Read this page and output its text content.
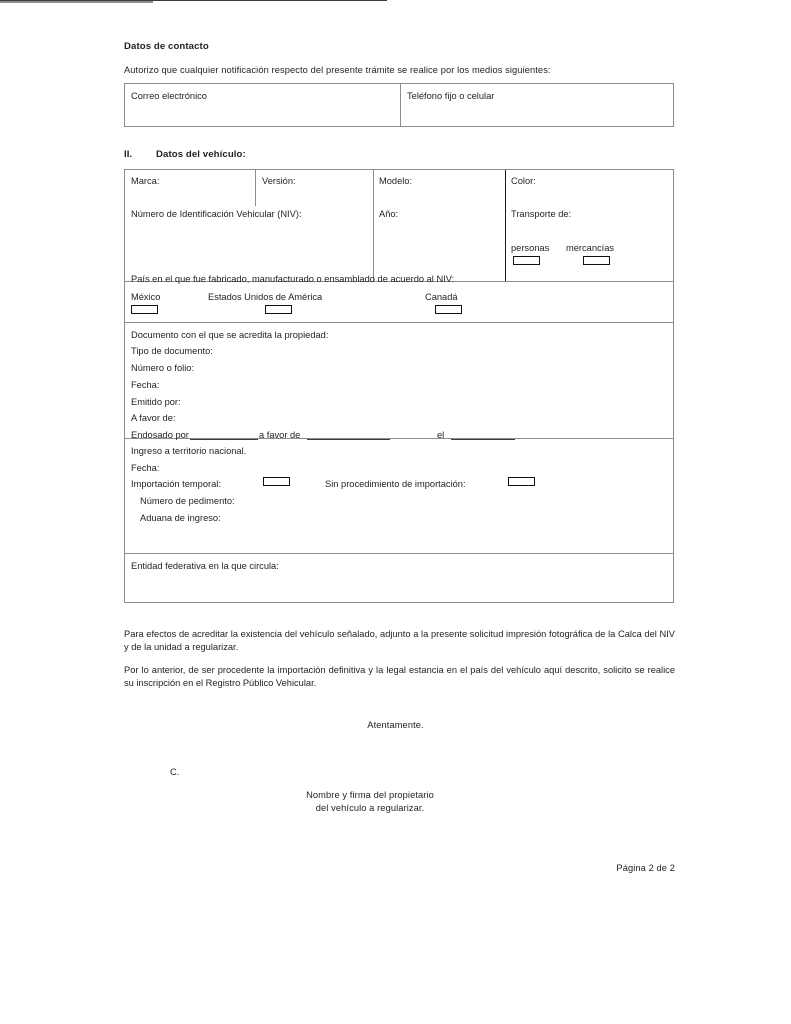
Datos de contacto
Autorizo que cualquier notificación respecto del presente trámite se realice por los medios siguientes:
Correo electrónico	Teléfono fijo o celular
II. Datos del vehículo:
Marca:	Versión:	Modelo:	Color:
Número de Identificación Vehicular (NIV):	Año:	Transporte de:
personas mercancías
País en el que fue fabricado, manufacturado o ensamblado de acuerdo al NIV:
México	Estados Unidos de América	Canadá
Documento con el que se acredita la propiedad:
Tipo de documento:
Número o folio:
Fecha:
Emitido por:
A favor de:
Endosado por	a favor de	el
Ingreso a territorio nacional.
Fecha:
Importación temporal:	Sin procedimiento de importación:
Número de pedimento:
Aduana de ingreso:
Entidad federativa en la que circula:
Para efectos de acreditar la existencia del vehículo señalado, adjunto a la presente solicitud impresión fotográfica de la Calca del NIV y de la unidad a regularizar.
Por lo anterior, de ser procedente la importación definitiva y la legal estancia en el país del vehículo aquí descrito, solicito se realice su inscripción en el Registro Público Vehicular.
Atentamente.
C.
Nombre y firma del propietario
del vehículo a regularizar.
Página 2 de 2
